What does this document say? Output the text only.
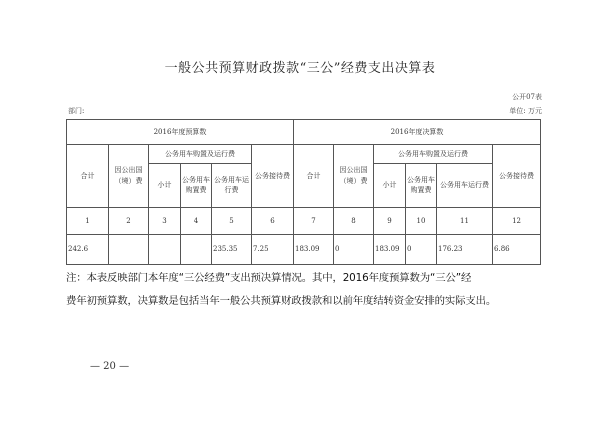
一般公共预算财政拨款“三公”经费支出决算表
公开07表
部门:	单位: 万元
2016年度预算数						2016年度决算数					
合计	因公出国（境）费	公务用车购置及运行费			公务接待费	合计	因公出国（境）费	公务用车购置及运行费			公务接待费
		小计	公务用车购置费	公务用车运行费				小计	公务用车购置费	公务用车运行费	
1	2	3	4	5	6	7	8	9	10	11	12
242.6				235.35	7.25	183.09	0	183.09	0	176.23	6.86

注：本表反映部门本年度“三公经费”支出预决算情况。其中，2016年度预算数为“三公”经

费年初预算数，决算数是包括当年一般公共预算财政拨款和以前年度结转资金安排的实际支出。

— 20 —
